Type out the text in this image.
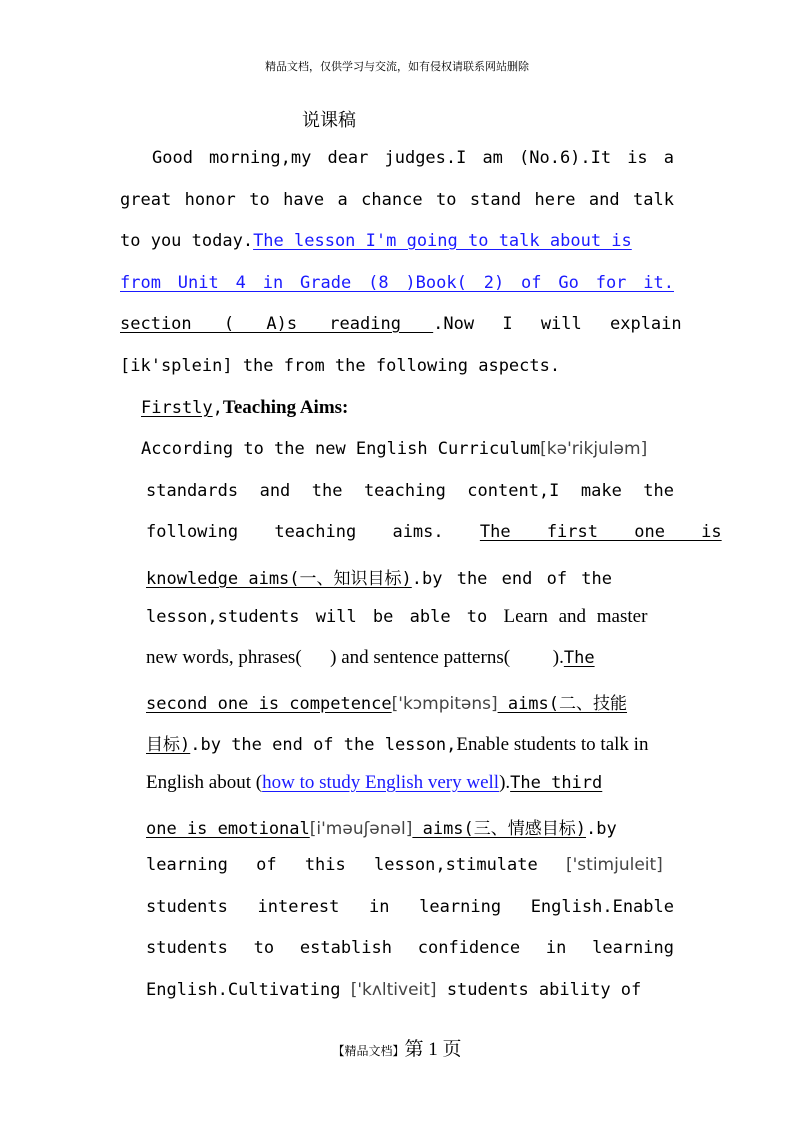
精品文档，仅供学习与交流，如有侵权请联系网站删除
说课稿
Good morning,my dear judges.I am (No.6).It is a
great honor to have a chance to stand here and talk
to you today.The lesson I'm going to talk about is
from Unit 4 in Grade (8 )Book( 2) of Go for it.
section ( A)s reading .Now I will explain
[ik'splein] the from the following aspects.
Firstly,Teaching Aims:
According to the new English Curriculum[kə'rikjuləm]
standards and the teaching content,I make the
following teaching aims. The first one is
knowledge aims(一、知识目标).by the end of the
lesson,students will be able to Learn and master
new words, phrases(      ) and sentence patterns(         ).The
second one is competence['kɔmpitəns] aims(二、技能
目标).by the end of the lesson,Enable students to talk in
English about (how to study English very well).The third
one is emotional[i'məuʃənəl] aims(三、情感目标).by
learning of this lesson,stimulate ['stimjuleit]
students interest in learning English.Enable
students to establish confidence in learning
English.Cultivating ['kʌltiveit] students ability of
【精品文档】第 1 页
